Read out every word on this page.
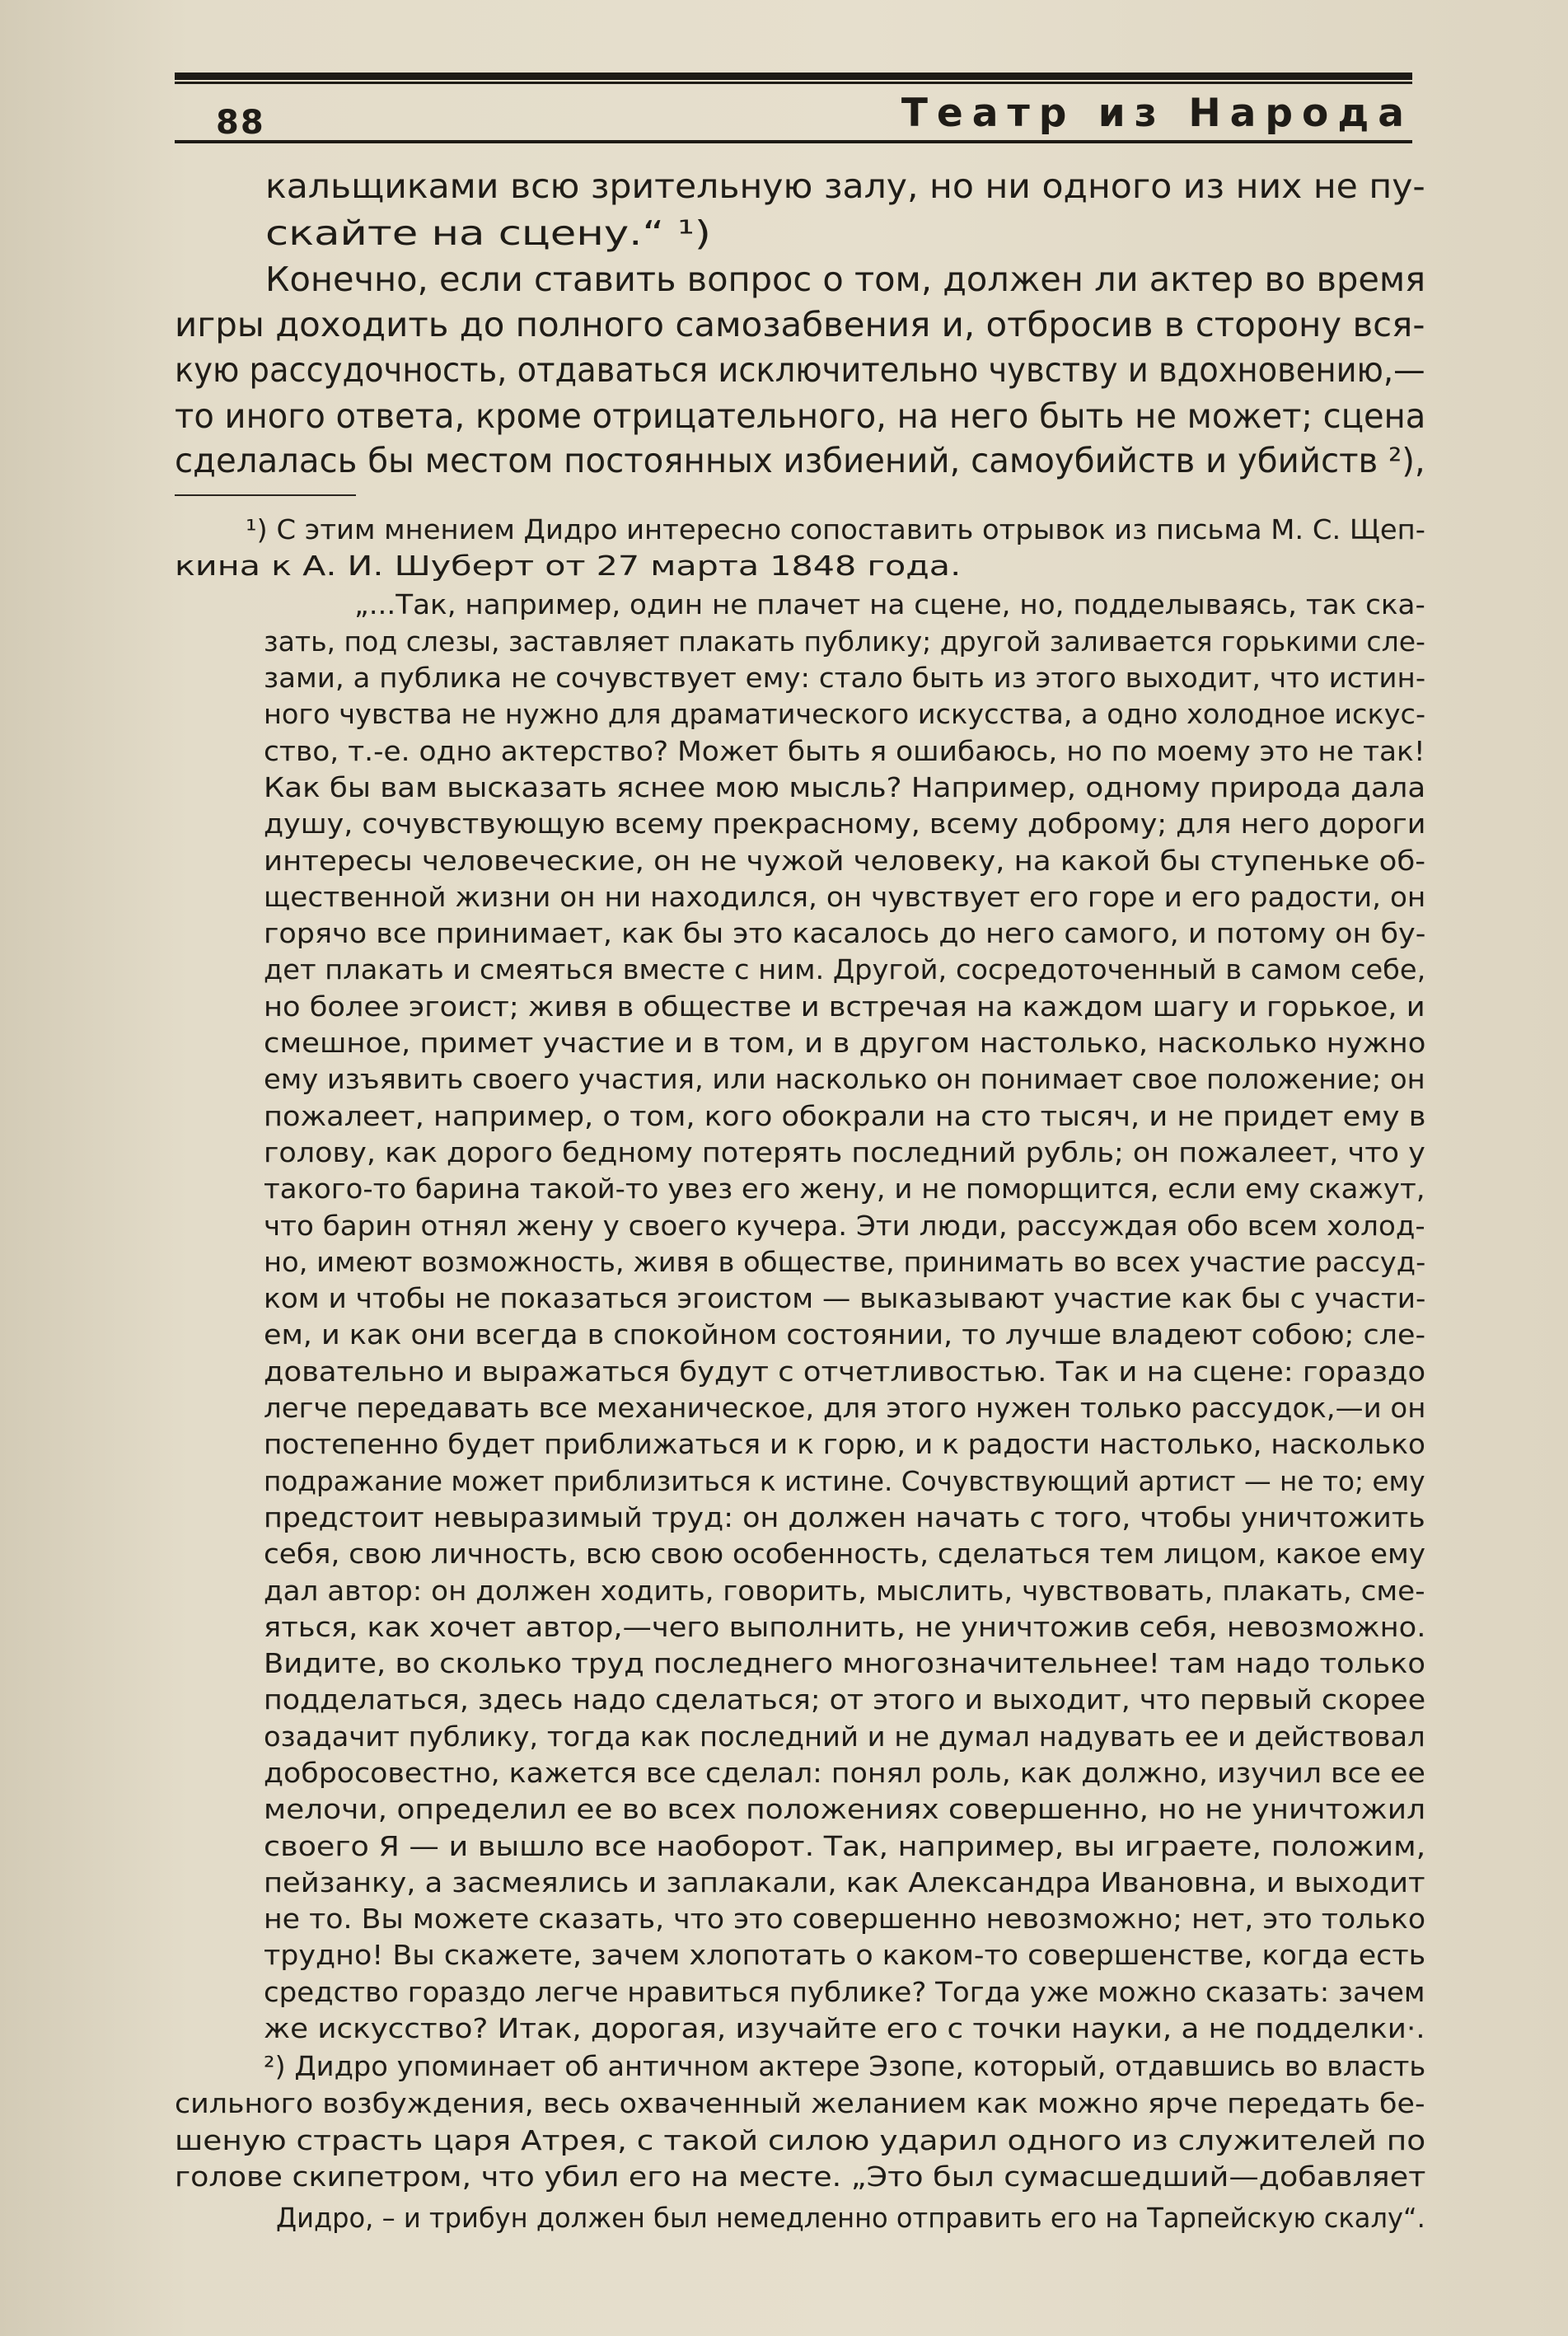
88	Театр из Народа
кальщиками всю зрительную залу, но ни одного из них не пу-
скайте на сцену.“ ¹)
Конечно, если ставить вопрос о том, должен ли актер во время
игры доходить до полного самозабвения и, отбросив в сторону вся-
кую рассудочность, отдаваться исключительно чувству и вдохновению,—
то иного ответа, кроме отрицательного, на него быть не может; сцена
сделалась бы местом постоянных избиений, самоубийств и убийств ²),
¹) С этим мнением Дидро интересно сопоставить отрывок из письма М. С. Щеп-
кина к А. И. Шуберт от 27 марта 1848 года.
„...Так, например, один не плачет на сцене, но, подделываясь, так ска-
зать, под слезы, заставляет плакать публику; другой заливается горькими сле-
зами, а публика не сочувствует ему: стало быть из этого выходит, что истин-
ного чувства не нужно для драматического искусства, а одно холодное искус-
ство, т.-е. одно актерство? Может быть я ошибаюсь, но по моему это не так!
Как бы вам высказать яснее мою мысль? Например, одному природа дала
душу, сочувствующую всему прекрасному, всему доброму; для него дороги
интересы человеческие, он не чужой человеку, на какой бы ступеньке об-
щественной жизни он ни находился, он чувствует его горе и его радости, он
горячо все принимает, как бы это касалось до него самого, и потому он бу-
дет плакать и смеяться вместе с ним. Другой, сосредоточенный в самом себе,
но более эгоист; живя в обществе и встречая на каждом шагу и горькое, и
смешное, примет участие и в том, и в другом настолько, насколько нужно
ему изъявить своего участия, или насколько он понимает свое положение; он
пожалеет, например, о том, кого обокрали на сто тысяч, и не придет ему в
голову, как дорого бедному потерять последний рубль; он пожалеет, что у
такого-то барина такой-то увез его жену, и не поморщится, если ему скажут,
что барин отнял жену у своего кучера. Эти люди, рассуждая обо всем холод-
но, имеют возможность, живя в обществе, принимать во всех участие рассуд-
ком и чтобы не показаться эгоистом — выказывают участие как бы с участи-
ем, и как они всегда в спокойном состоянии, то лучше владеют собою; сле-
довательно и выражаться будут с отчетливостью. Так и на сцене: гораздо
легче передавать все механическое, для этого нужен только рассудок,—и он
постепенно будет приближаться и к горю, и к радости настолько, насколько
подражание может приблизиться к истине. Сочувствующий артист — не то; ему
предстоит невыразимый труд: он должен начать с того, чтобы уничтожить
себя, свою личность, всю свою особенность, сделаться тем лицом, какое ему
дал автор: он должен ходить, говорить, мыслить, чувствовать, плакать, сме-
яться, как хочет автор,—чего выполнить, не уничтожив себя, невозможно.
Видите, во сколько труд последнего многозначительнее! там надо только
подделаться, здесь надо сделаться; от этого и выходит, что первый скорее
озадачит публику, тогда как последний и не думал надувать ее и действовал
добросовестно, кажется все сделал: понял роль, как должно, изучил все ее
мелочи, определил ее во всех положениях совершенно, но не уничтожил
своего Я — и вышло все наоборот. Так, например, вы играете, положим,
пейзанку, а засмеялись и заплакали, как Александра Ивановна, и выходит
не то. Вы можете сказать, что это совершенно невозможно; нет, это только
трудно! Вы скажете, зачем хлопотать о каком-то совершенстве, когда есть
средство гораздо легче нравиться публике? Тогда уже можно сказать: зачем
же искусство? Итак, дорогая, изучайте его с точки науки, а не подделки·.
²) Дидро упоминает об античном актере Эзопе, который, отдавшись во власть
сильного возбуждения, весь охваченный желанием как можно ярче передать бе-
шеную страсть царя Атрея, с такой силою ударил одного из служителей по
голове скипетром, что убил его на месте. „Это был сумасшедший—добавляет
Дидро, – и трибун должен был немедленно отправить его на Тарпейскую скалу“.
